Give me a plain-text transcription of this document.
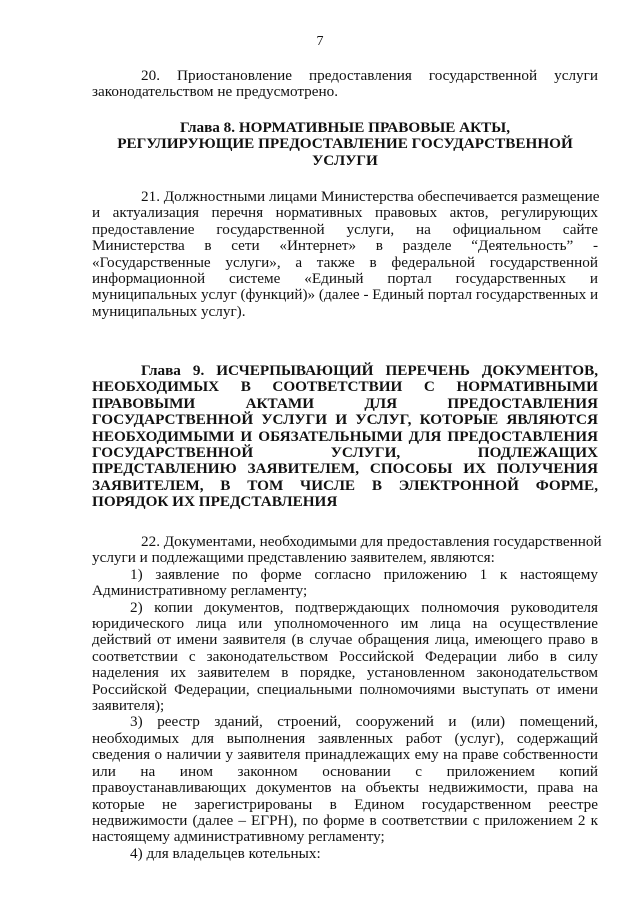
7
20. Приостановление предоставления государственной услуги
законодательством не предусмотрено.
Глава 8. НОРМАТИВНЫЕ ПРАВОВЫЕ АКТЫ,
РЕГУЛИРУЮЩИЕ ПРЕДОСТАВЛЕНИЕ ГОСУДАРСТВЕННОЙ
УСЛУГИ
21. Должностными лицами Министерства обеспечивается размещение
и актуализация перечня нормативных правовых актов, регулирующих
предоставление государственной услуги, на официальном сайте
Министерства в сети «Интернет» в разделе “Деятельность” -
«Государственные услуги», а также в федеральной государственной
информационной системе «Единый портал государственных и
муниципальных услуг (функций)» (далее - Единый портал государственных и
муниципальных услуг).
Глава 9. ИСЧЕРПЫВАЮЩИЙ ПЕРЕЧЕНЬ ДОКУМЕНТОВ,
НЕОБХОДИМЫХ В СООТВЕТСТВИИ С НОРМАТИВНЫМИ
ПРАВОВЫМИ АКТАМИ ДЛЯ ПРЕДОСТАВЛЕНИЯ
ГОСУДАРСТВЕННОЙ УСЛУГИ И УСЛУГ, КОТОРЫЕ ЯВЛЯЮТСЯ
НЕОБХОДИМЫМИ И ОБЯЗАТЕЛЬНЫМИ ДЛЯ ПРЕДОСТАВЛЕНИЯ
ГОСУДАРСТВЕННОЙ УСЛУГИ, ПОДЛЕЖАЩИХ
ПРЕДСТАВЛЕНИЮ ЗАЯВИТЕЛЕМ, СПОСОБЫ ИХ ПОЛУЧЕНИЯ
ЗАЯВИТЕЛЕМ, В ТОМ ЧИСЛЕ В ЭЛЕКТРОННОЙ ФОРМЕ,
ПОРЯДОК ИХ ПРЕДСТАВЛЕНИЯ
22. Документами, необходимыми для предоставления государственной
услуги и подлежащими представлению заявителем, являются:
1) заявление по форме согласно приложению 1 к настоящему
Административному регламенту;
2) копии документов, подтверждающих полномочия руководителя
юридического лица или уполномоченного им лица на осуществление
действий от имени заявителя (в случае обращения лица, имеющего право в
соответствии с законодательством Российской Федерации либо в силу
наделения их заявителем в порядке, установленном законодательством
Российской Федерации, специальными полномочиями выступать от имени
заявителя);
3) реестр зданий, строений, сооружений и (или) помещений,
необходимых для выполнения заявленных работ (услуг), содержащий
сведения о наличии у заявителя принадлежащих ему на праве собственности
или на ином законном основании с приложением копий
правоустанавливающих документов на объекты недвижимости, права на
которые не зарегистрированы в Едином государственном реестре
недвижимости (далее – ЕГРН), по форме в соответствии с приложением 2 к
настоящему административному регламенту;
4) для владельцев котельных:
